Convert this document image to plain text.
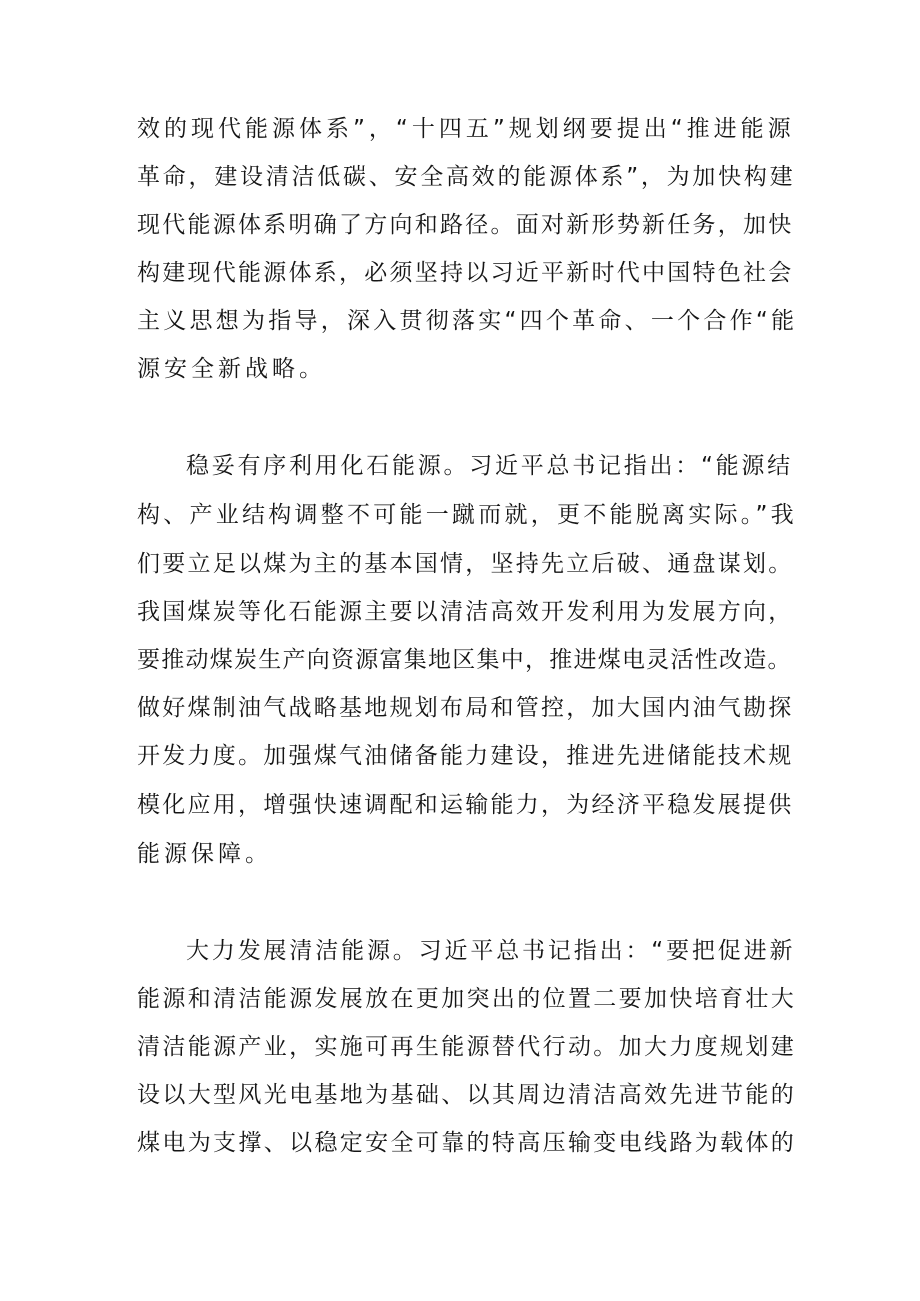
效的现代能源体系”，“十四五”规划纲要提出“推进能源
革命，建设清洁低碳、安全高效的能源体系”，为加快构建
现代能源体系明确了方向和路径。面对新形势新任务，加快
构建现代能源体系，必须坚持以习近平新时代中国特色社会
主义思想为指导，深入贯彻落实“四个革命、一个合作“能
源安全新战略。
稳妥有序利用化石能源。习近平总书记指出：“能源结
构、产业结构调整不可能一蹴而就，更不能脱离实际。”我
们要立足以煤为主的基本国情，坚持先立后破、通盘谋划。
我国煤炭等化石能源主要以清洁高效开发利用为发展方向，
要推动煤炭生产向资源富集地区集中，推进煤电灵活性改造。
做好煤制油气战略基地规划布局和管控，加大国内油气勘探
开发力度。加强煤气油储备能力建设，推进先进储能技术规
模化应用，增强快速调配和运输能力，为经济平稳发展提供
能源保障。
大力发展清洁能源。习近平总书记指出：“要把促进新
能源和清洁能源发展放在更加突出的位置二要加快培育壮大
清洁能源产业，实施可再生能源替代行动。加大力度规划建
设以大型风光电基地为基础、以其周边清洁高效先进节能的
煤电为支撑、以稳定安全可靠的特高压输变电线路为载体的
